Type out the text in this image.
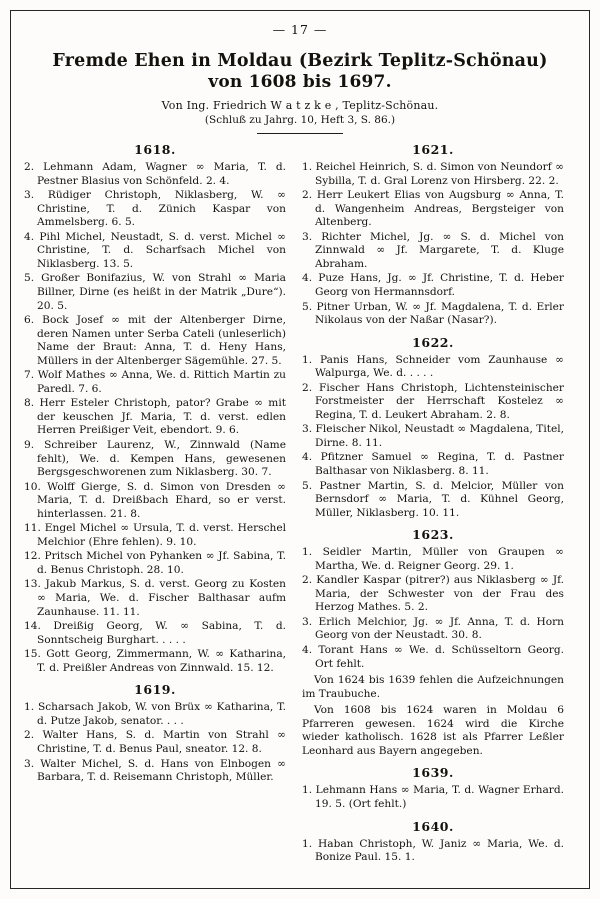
— 17 —
Fremde Ehen in Moldau (Bezirk Teplitz-Schönau)
von 1608 bis 1697.
Von Ing. Friedrich W a t z k e , Teplitz-Schönau.
(Schluß zu Jahrg. 10, Heft 3, S. 86.)
1618.
2. Lehmann Adam, Wagner ∞ Maria, T. d. Pestner Blasius von Schönfeld. 2. 4.
3. Rüdiger Christoph, Niklasberg, W. ∞ Christine, T. d. Zünich Kaspar von Ammelsberg. 6. 5.
4. Pihl Michel, Neustadt, S. d. verst. Michel ∞ Christine, T. d. Scharfsach Michel von Niklasberg. 13. 5.
5. Großer Bonifazius, W. von Strahl ∞ Maria Billner, Dirne (es heißt in der Matrik „Dure“). 20. 5.
6. Bock Josef ∞ mit der Altenberger Dirne, deren Namen unter Serba Cateli (unleserlich) Name der Braut: Anna, T. d. Heny Hans, Müllers in der Altenberger Sägemühle. 27. 5.
7. Wolf Mathes ∞ Anna, We. d. Rittich Martin zu Paredl. 7. 6.
8. Herr Esteler Christoph, pator? Grabe ∞ mit der keuschen Jf. Maria, T. d. verst. edlen Herren Preißiger Veit, ebendort. 9. 6.
9. Schreiber Laurenz, W., Zinnwald (Name fehlt), We. d. Kempen Hans, gewesenen Bergsgeschworenen zum Niklasberg. 30. 7.
10. Wolff Gierge, S. d. Simon von Dresden ∞ Maria, T. d. Dreißbach Ehard, so er verst. hinterlassen. 21. 8.
11. Engel Michel ∞ Ursula, T. d. verst. Herschel Melchior (Ehre fehlen). 9. 10.
12. Pritsch Michel von Pyhanken ∞ Jf. Sabina, T. d. Benus Christoph. 28. 10.
13. Jakub Markus, S. d. verst. Georg zu Kosten ∞ Maria, We. d. Fischer Balthasar aufm Zaunhause. 11. 11.
14. Dreißig Georg, W. ∞ Sabina, T. d. Sonntscheig Burghart. . . . .
15. Gott Georg, Zimmermann, W. ∞ Katharina, T. d. Preißler Andreas von Zinnwald. 15. 12.
1619.
1. Scharsach Jakob, W. von Brüx ∞ Katharina, T. d. Putze Jakob, senator. . . .
2. Walter Hans, S. d. Martin von Strahl ∞ Christine, T. d. Benus Paul, sneator. 12. 8.
3. Walter Michel, S. d. Hans von Elnbogen ∞ Barbara, T. d. Reisemann Christoph, Müller.
1621.
1. Reichel Heinrich, S. d. Simon von Neundorf ∞ Sybilla, T. d. Gral Lorenz von Hirsberg. 22. 2.
2. Herr Leukert Elias von Augsburg ∞ Anna, T. d. Wangenheim Andreas, Bergsteiger von Altenberg.
3. Richter Michel, Jg. ∞ S. d. Michel von Zinnwald ∞ Jf. Margarete, T. d. Kluge Abraham.
4. Puze Hans, Jg. ∞ Jf. Christine, T. d. Heber Georg von Hermannsdorf.
5. Pitner Urban, W. ∞ Jf. Magdalena, T. d. Erler Nikolaus von der Naßar (Nasar?).
1622.
1. Panis Hans, Schneider vom Zaunhause ∞ Walpurga, We. d. . . . .
2. Fischer Hans Christoph, Lichtensteinischer Forstmeister der Herrschaft Kostelez ∞ Regina, T. d. Leukert Abraham. 2. 8.
3. Fleischer Nikol, Neustadt ∞ Magdalena, Titel, Dirne. 8. 11.
4. Pfitzner Samuel ∞ Regina, T. d. Pastner Balthasar von Niklasberg. 8. 11.
5. Pastner Martin, S. d. Melcior, Müller von Bernsdorf ∞ Maria, T. d. Kühnel Georg, Müller, Niklasberg. 10. 11.
1623.
1. Seidler Martin, Müller von Graupen ∞ Martha, We. d. Reigner Georg. 29. 1.
2. Kandler Kaspar (pitrer?) aus Niklasberg ∞ Jf. Maria, der Schwester von der Frau des Herzog Mathes. 5. 2.
3. Erlich Melchior, Jg. ∞ Jf. Anna, T. d. Horn Georg von der Neustadt. 30. 8.
4. Torant Hans ∞ We. d. Schüsseltorn Georg. Ort fehlt.
Von 1624 bis 1639 fehlen die Aufzeichnungen im Traubuche.
Von 1608 bis 1624 waren in Moldau 6 Pfarreren gewesen. 1624 wird die Kirche wieder katholisch. 1628 ist als Pfarrer Leßler Leonhard aus Bayern angegeben.
1639.
1. Lehmann Hans ∞ Maria, T. d. Wagner Erhard. 19. 5. (Ort fehlt.)
1640.
1. Haban Christoph, W. Janiz ∞ Maria, We. d. Bonize Paul. 15. 1.
